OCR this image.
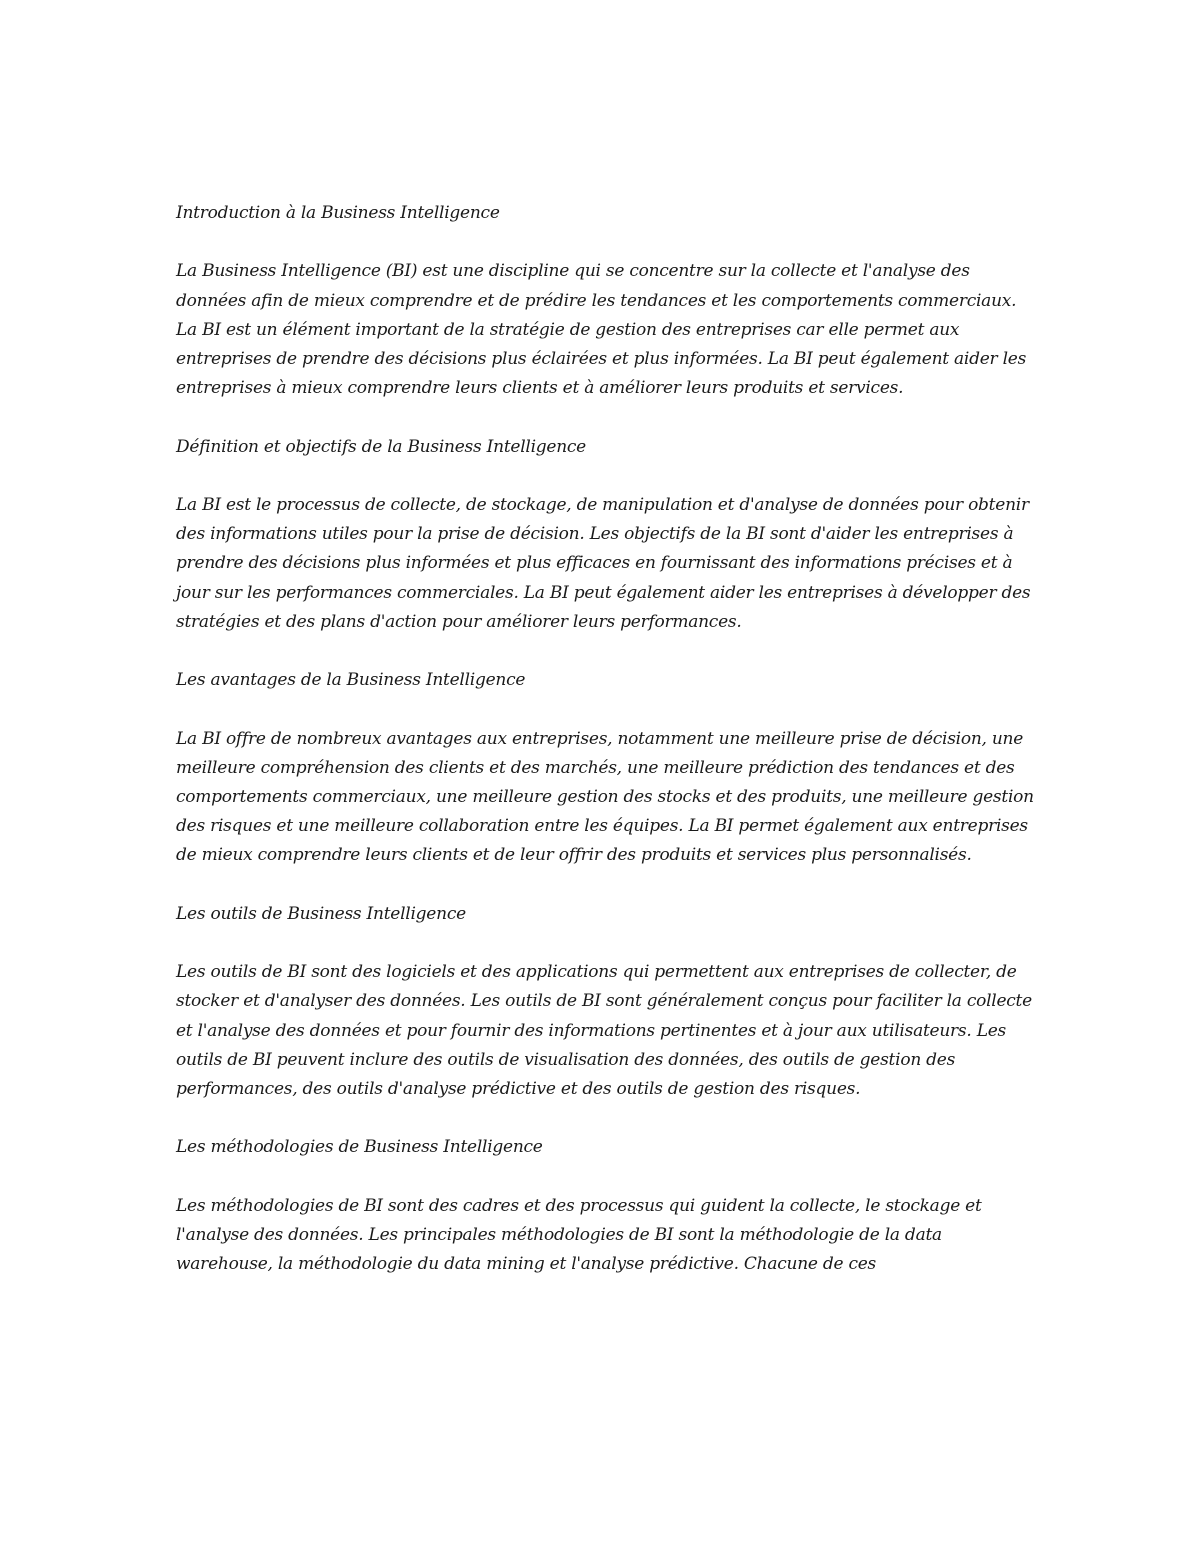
Introduction à la Business Intelligence

La Business Intelligence (BI) est une discipline qui se concentre sur la collecte et l'analyse des données afin de mieux comprendre et de prédire les tendances et les comportements commerciaux. La BI est un élément important de la stratégie de gestion des entreprises car elle permet aux entreprises de prendre des décisions plus éclairées et plus informées. La BI peut également aider les entreprises à mieux comprendre leurs clients et à améliorer leurs produits et services.

Définition et objectifs de la Business Intelligence

La BI est le processus de collecte, de stockage, de manipulation et d'analyse de données pour obtenir des informations utiles pour la prise de décision. Les objectifs de la BI sont d'aider les entreprises à prendre des décisions plus informées et plus efficaces en fournissant des informations précises et à jour sur les performances commerciales. La BI peut également aider les entreprises à développer des stratégies et des plans d'action pour améliorer leurs performances.

Les avantages de la Business Intelligence

La BI offre de nombreux avantages aux entreprises, notamment une meilleure prise de décision, une meilleure compréhension des clients et des marchés, une meilleure prédiction des tendances et des comportements commerciaux, une meilleure gestion des stocks et des produits, une meilleure gestion des risques et une meilleure collaboration entre les équipes. La BI permet également aux entreprises de mieux comprendre leurs clients et de leur offrir des produits et services plus personnalisés.

Les outils de Business Intelligence

Les outils de BI sont des logiciels et des applications qui permettent aux entreprises de collecter, de stocker et d'analyser des données. Les outils de BI sont généralement conçus pour faciliter la collecte et l'analyse des données et pour fournir des informations pertinentes et à jour aux utilisateurs. Les outils de BI peuvent inclure des outils de visualisation des données, des outils de gestion des performances, des outils d'analyse prédictive et des outils de gestion des risques.

Les méthodologies de Business Intelligence

Les méthodologies de BI sont des cadres et des processus qui guident la collecte, le stockage et l'analyse des données. Les principales méthodologies de BI sont la méthodologie de la data warehouse, la méthodologie du data mining et l'analyse prédictive. Chacune de ces
